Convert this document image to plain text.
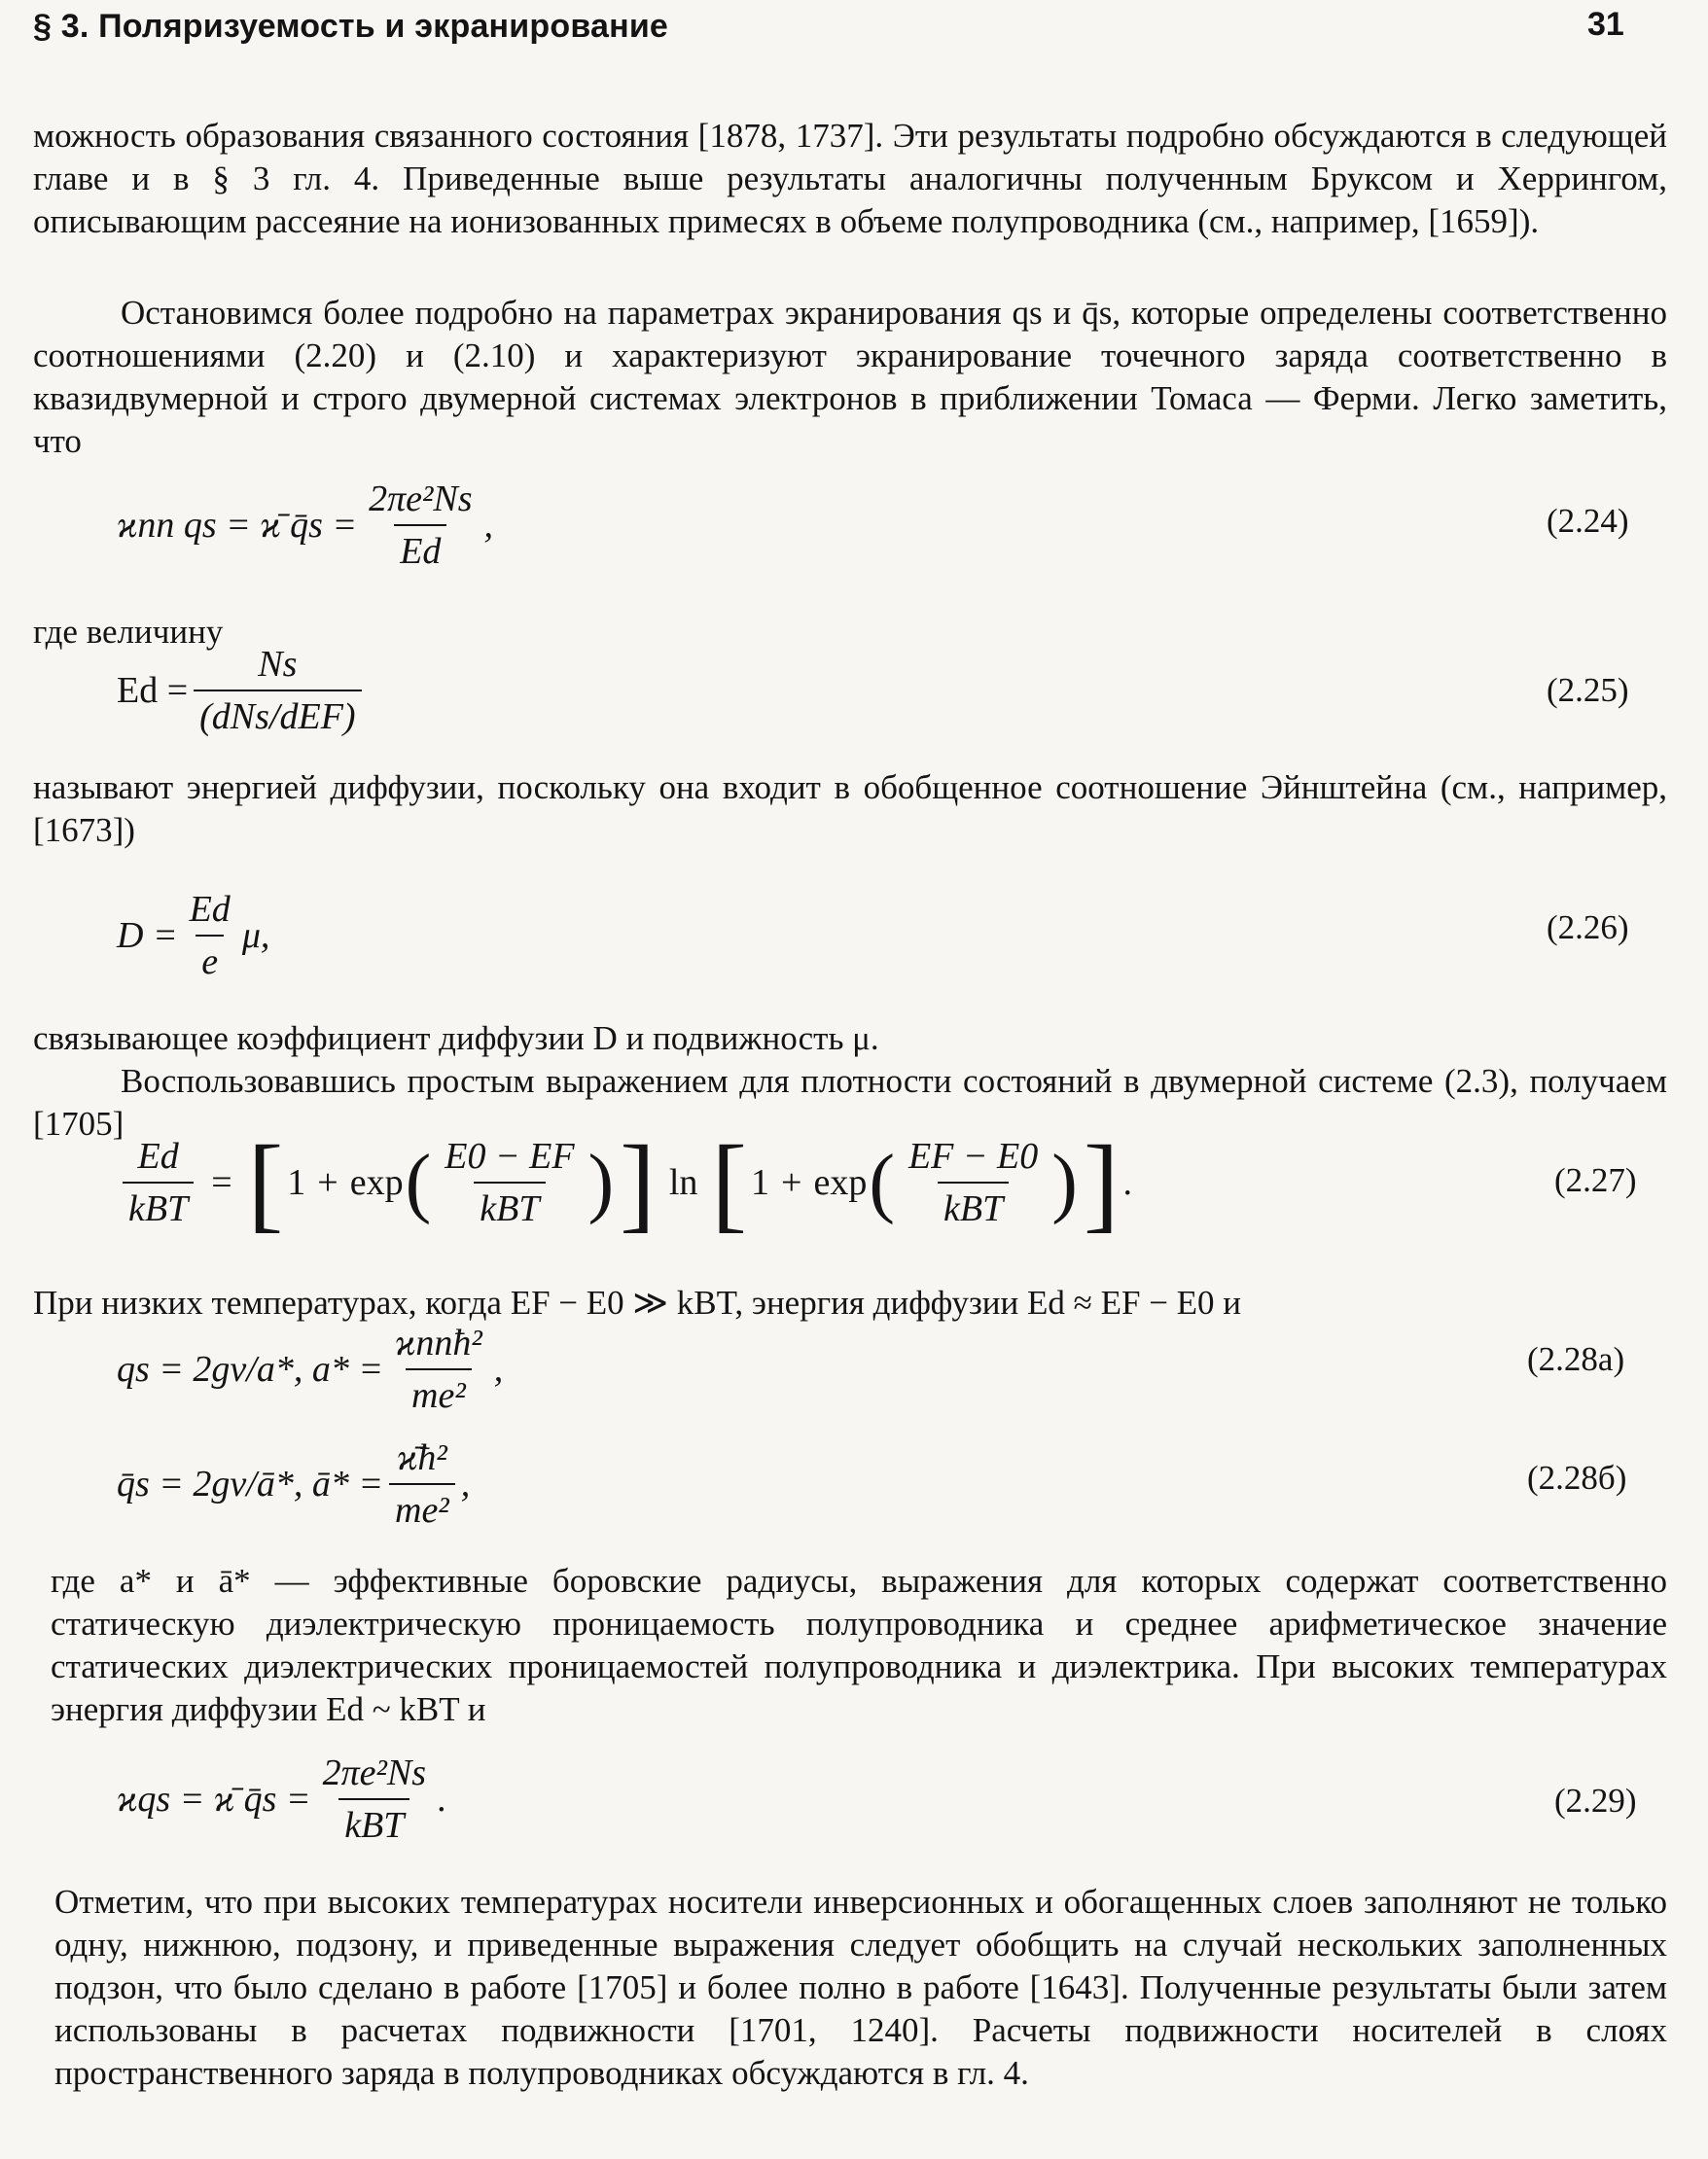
§ 3. Поляризуемость и экранирование	31

можность образования связанного состояния [1878, 1737]. Эти результаты подробно обсуждаются в следующей главе и в § 3 гл. 4. Приведенные выше результаты аналогичны полученным Бруксом и Херрингом, описывающим рассеяние на ионизованных примесях в объеме полупроводника (см., например, [1659]).

Остановимся более подробно на параметрах экранирования qs и q̄s, которые определены соответственно соотношениями (2.20) и (2.10) и характеризуют экранирование точечного заряда соответственно в квазидвумерной и строго двумерной системах электронов в приближении Томаса — Ферми. Легко заметить, что

ϰпп qs = ϰ̄ q̄s = $\frac{\text{2πe²Ns}}{Ed}$ ,	(2.24)

где величину

$Ed = \frac{Ns}{\text{(dNs/dEF)}}$	(2.25)

называют энергией диффузии, поскольку она входит в обобщенное соотношение Эйнштейна (см., например, [1673])

$D = \frac{Ed}{e} \mu$,	(2.26)

связывающее коэффициент диффузии D и подвижность μ.

Воспользовавшись простым выражением для плотности состояний в двумерной системе (2.3), получаем [1705]

$\frac{Ed}{\text{kBT}}$ = [ 1 + exp ( $\frac{E0 - EF}{\text{kBT}}$ ) ] ln [ 1 + exp ( $\frac{EF - E0}{\text{kBT}}$ ) ] .	(2.27)

При низких температурах, когда EF − E0 ≫ kBT, энергия диффузии Ed ≈ EF − E0 и

qs = 2gv/a*, $a* = \frac{\text{ϰппħ²}}{\text{me²}}$ ,	(2.28а)
q̄s = 2gv/ā*, ā* = $\frac{\text{ϰ̄ħ²}}{\text{me²}}$ ,	(2.28б)

где a* и ā* — эффективные боровские радиусы, выражения для которых содержат соответственно статическую диэлектрическую проницаемость полупроводника и среднее арифметическое значение статических диэлектрических проницаемостей полупроводника и диэлектрика. При высоких температурах энергия диффузии Ed ~ kBT и

ϰqs = ϰ̄ q̄s = $\frac{\text{2πe²Ns}}{\text{kBT}}$ .	(2.29)

Отметим, что при высоких температурах носители инверсионных и обогащенных слоев заполняют не только одну, нижнюю, подзону, и приведенные выражения следует обобщить на случай нескольких заполненных подзон, что было сделано в работе [1705] и более полно в работе [1643]. Полученные результаты были затем использованы в расчетах подвижности [1701, 1240]. Расчеты подвижности носителей в слоях пространственного заряда в полупроводниках обсуждаются в гл. 4.
